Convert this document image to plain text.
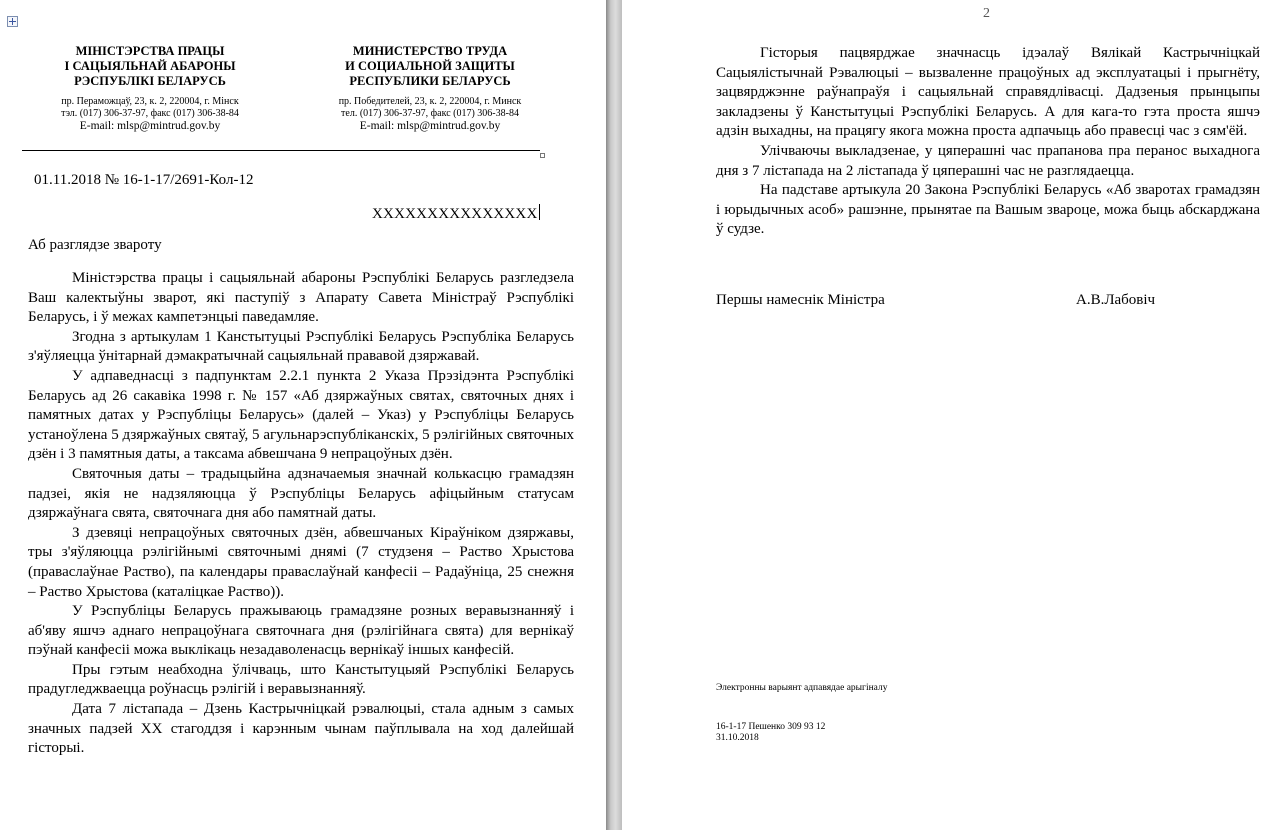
МІНІСТЭРСТВА ПРАЦЫ
І САЦЫЯЛЬНАЙ АБАРОНЫ
РЭСПУБЛІКІ БЕЛАРУСЬ
пр. Пераможцаў, 23, к. 2, 220004, г. Мінск
тэл. (017) 306-37-97, факс (017) 306-38-84
E-mail: mlsp@mintrud.gov.by
МИНИСТЕРСТВО ТРУДА
И СОЦИАЛЬНОЙ ЗАЩИТЫ
РЕСПУБЛИКИ БЕЛАРУСЬ
пр. Победителей, 23, к. 2, 220004, г. Минск
тел. (017) 306-37-97, факс (017) 306-38-84
E-mail: mlsp@mintrud.gov.by
01.11.2018 № 16-1-17/2691-Кол-12
XXXXXXXXXXXXXXX
Аб разглядзе звароту

Міністэрства працы і сацыяльнай абароны Рэспублікі Беларусь разгледзела Ваш калектыўны зварот, які паступіў з Апарату Савета Міністраў Рэспублікі Беларусь, і ў межах кампетэнцыі паведамляе.

Згодна з артыкулам 1 Канстытуцыі Рэспублікі Беларусь Рэспубліка Беларусь з'яўляецца ўнітарнай дэмакратычнай сацыяльнай прававой дзяржавай.

У адпаведнасці з падпунктам 2.2.1 пункта 2 Указа Прэзідэнта Рэспублікі Беларусь ад 26 сакавіка 1998 г. № 157 «Аб дзяржаўных святах, святочных днях і памятных датах у Рэспубліцы Беларусь» (далей – Указ) у Рэспубліцы Беларусь устаноўлена 5 дзяржаўных святаў, 5 агульнарэспубліканскіх, 5 рэлігійных святочных дзён і 3 памятныя даты, а таксама абвешчана 9 непрацоўных дзён.

Святочныя даты – традыцыйна адзначаемыя значнай колькасцю грамадзян падзеі, якія не надзяляюцца ў Рэспубліцы Беларусь афіцыйным статусам дзяржаўнага свята, святочнага дня або памятнай даты.

З дзевяці непрацоўных святочных дзён, абвешчаных Кіраўніком дзяржавы, тры з'яўляюцца рэлігійнымі святочнымі днямі (7 студзеня – Раство Хрыстова (праваслаўнае Раство), па календары праваслаўнай канфесіі – Радаўніца, 25 снежня – Раство Хрыстова (каталіцкае Раство)).

У Рэспубліцы Беларусь пражываюць грамадзяне розных веравызнанняў і аб'яву яшчэ аднаго непрацоўнага святочнага дня (рэлігійнага свята) для вернікаў пэўнай канфесіі можа выклікаць незадаволенасць вернікаў іншых канфесій.

Пры гэтым неабходна ўлічваць, што Канстытуцыяй Рэспублікі Беларусь прадугледжваецца роўнасць рэлігій і веравызнанняў.

Дата 7 лістапада – Дзень Кастрычніцкай рэвалюцыі, стала адным з самых значных падзей XX стагоддзя і карэнным чынам паўплывала на ход далейшай гісторыі.

2

Гісторыя пацвярджае значнасць ідэалаў Вялікай Кастрычніцкай Сацыялістычнай Рэвалюцыі – вызваленне працоўных ад эксплуатацыі і прыгнёту, зацвярджэнне раўнапраўя і сацыяльнай справядлівасці. Дадзеныя прынцыпы закладзены ў Канстытуцыі Рэспублікі Беларусь. А для кага-то гэта проста яшчэ адзін выхадны, на працягу якога можна проста адпачыць або правесці час з сям'ёй.

Улічваючы выкладзенае, у цяперашні час прапанова пра перанос выхаднога дня з 7 лістапада на 2 лістапада ў цяперашні час не разглядаецца.

На падставе артыкула 20 Закона Рэспублікі Беларусь «Аб зваротах грамадзян і юрыдычных асоб» рашэнне, прынятае па Вашым звароце, можа быць абскарджана ў судзе.

Першы намеснік Міністра	А.В.Лабовіч
Электронны варыянт адпавядае арыгіналу
16-1-17 Пешенко 309 93 12
31.10.2018
